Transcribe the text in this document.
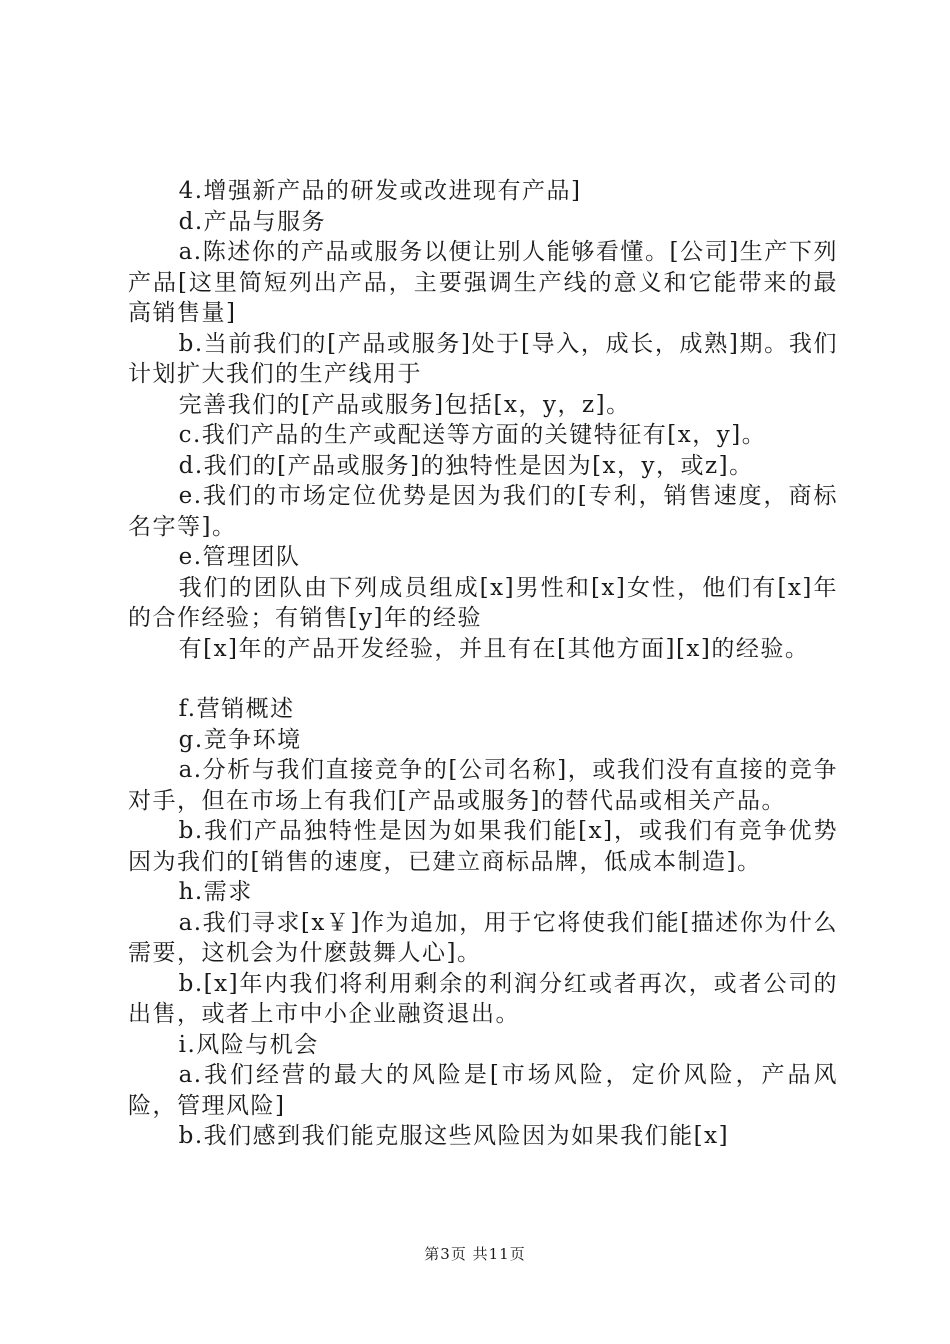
4.增强新产品的研发或改进现有产品]

d.产品与服务

a.陈述你的产品或服务以便让别人能够看懂。[公司]生产下列产品[这里简短列出产品，主要强调生产线的意义和它能带来的最高销售量]

b.当前我们的[产品或服务]处于[导入，成长，成熟]期。我们计划扩大我们的生产线用于

完善我们的[产品或服务]包括[x，y，z]。

c.我们产品的生产或配送等方面的关键特征有[x，y]。

d.我们的[产品或服务]的独特性是因为[x，y，或z]。

e.我们的市场定位优势是因为我们的[专利，销售速度，商标名字等]。

e.管理团队

我们的团队由下列成员组成[x]男性和[x]女性，他们有[x]年的合作经验；有销售[y]年的经验

有[x]年的产品开发经验，并且有在[其他方面][x]的经验。

f.营销概述

g.竞争环境

a.分析与我们直接竞争的[公司名称]，或我们没有直接的竞争对手，但在市场上有我们[产品或服务]的替代品或相关产品。

b.我们产品独特性是因为如果我们能[x]，或我们有竞争优势因为我们的[销售的速度，已建立商标品牌，低成本制造]。

h.需求

a.我们寻求[x￥]作为追加，用于它将使我们能[描述你为什么需要，这机会为什麽鼓舞人心]。

b.[x]年内我们将利用剩余的利润分红或者再次，或者公司的出售，或者上市中小企业融资退出。

i.风险与机会

a.我们经营的最大的风险是[市场风险，定价风险，产品风险，管理风险]

b.我们感到我们能克服这些风险因为如果我们能[x]

第3页 共11页
